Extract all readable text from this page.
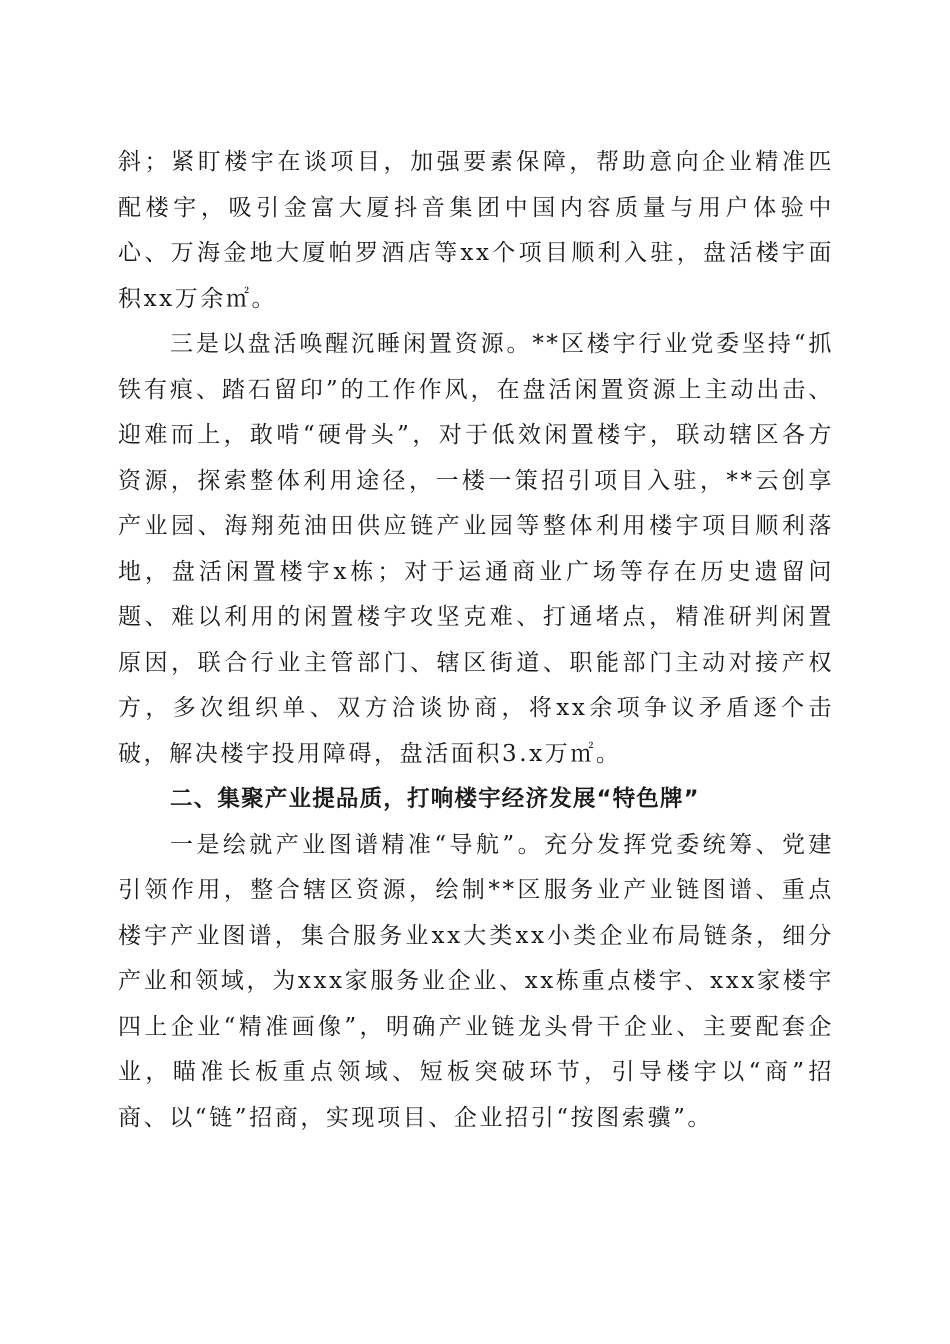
斜；紧盯楼宇在谈项目，加强要素保障，帮助意向企业精准匹配楼宇，吸引金富大厦抖音集团中国内容质量与用户体验中心、万海金地大厦帕罗酒店等xx个项目顺利入驻，盘活楼宇面积xx万余㎡。

三是以盘活唤醒沉睡闲置资源。**区楼宇行业党委坚持“抓铁有痕、踏石留印”的工作作风，在盘活闲置资源上主动出击、迎难而上，敢啃“硬骨头”，对于低效闲置楼宇，联动辖区各方资源，探索整体利用途径，一楼一策招引项目入驻，**云创享产业园、海翔苑油田供应链产业园等整体利用楼宇项目顺利落地，盘活闲置楼宇x栋；对于运通商业广场等存在历史遗留问题、难以利用的闲置楼宇攻坚克难、打通堵点，精准研判闲置原因，联合行业主管部门、辖区街道、职能部门主动对接产权方，多次组织单、双方洽谈协商，将xx余项争议矛盾逐个击破，解决楼宇投用障碍，盘活面积3.x万㎡。

二、集聚产业提品质，打响楼宇经济发展“特色牌”

一是绘就产业图谱精准“导航”。充分发挥党委统筹、党建引领作用，整合辖区资源，绘制**区服务业产业链图谱、重点楼宇产业图谱，集合服务业xx大类xx小类企业布局链条，细分产业和领域，为xxx家服务业企业、xx栋重点楼宇、xxx家楼宇四上企业“精准画像”，明确产业链龙头骨干企业、主要配套企业，瞄准长板重点领域、短板突破环节，引导楼宇以“商”招商、以“链”招商，实现项目、企业招引“按图索骥”。
